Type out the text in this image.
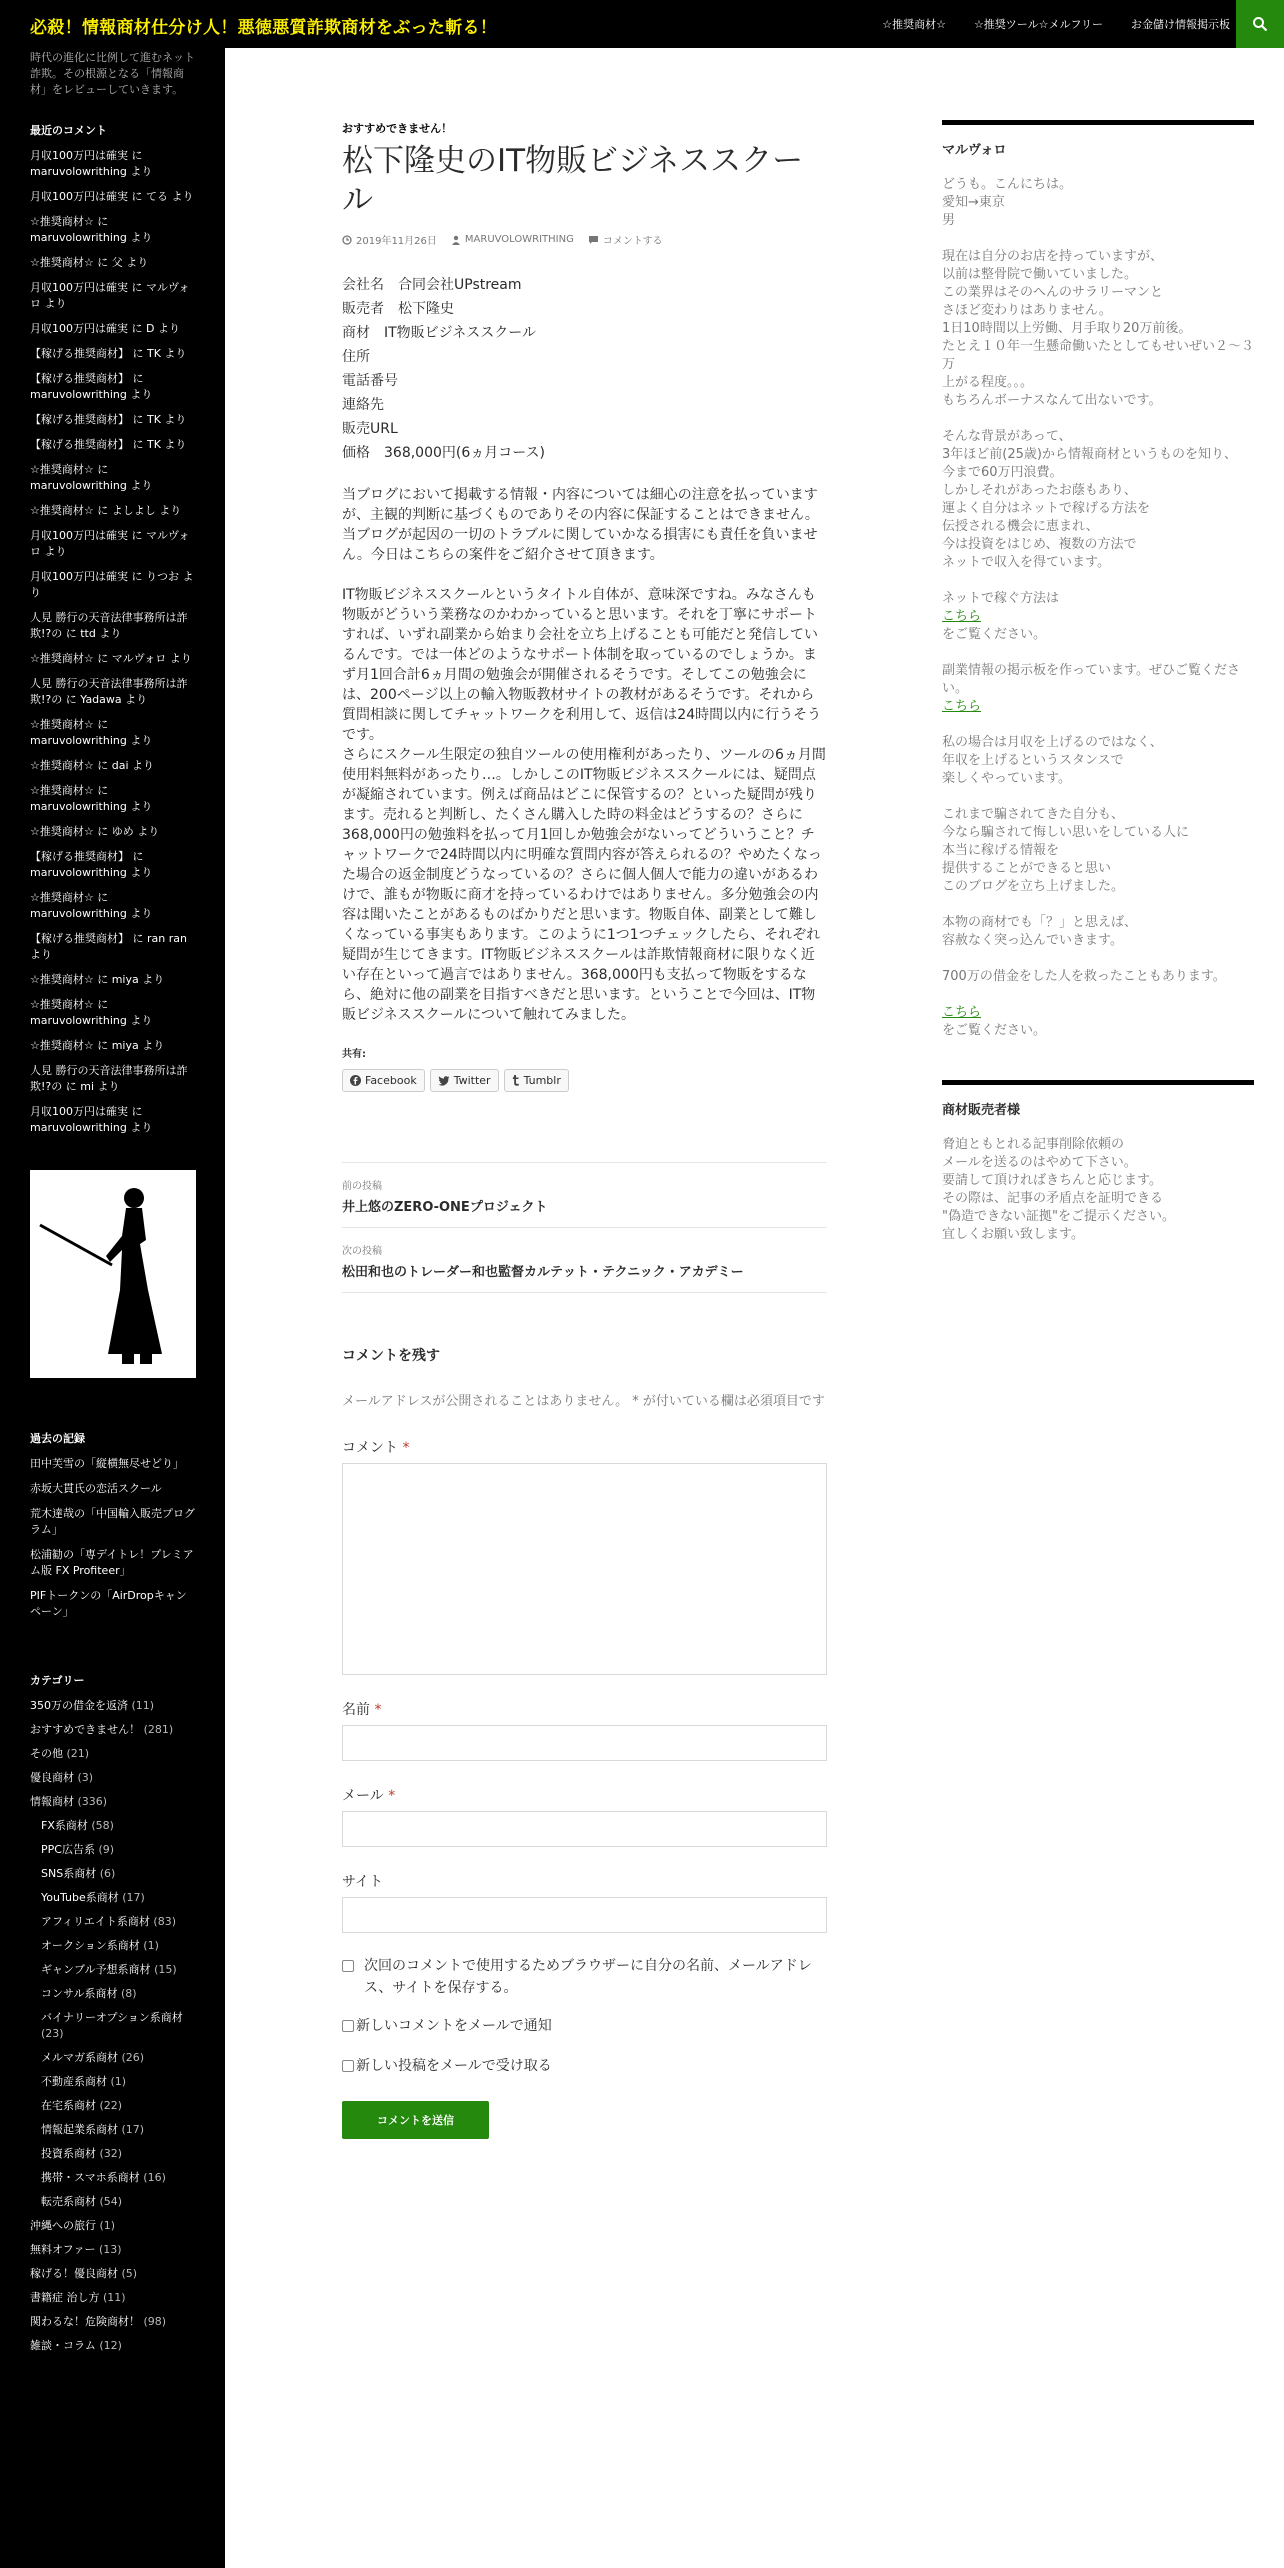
必殺！情報商材仕分け人！悪徳悪質詐欺商材をぶった斬る！	☆推奨商材☆	☆推奨ツール☆メルフリー	お金儲け情報掲示板

時代の進化に比例して進むネット詐欺。その根源となる「情報商材」をレビューしていきます。

最近のコメント
月収100万円は確実 に maruvolowrithing より
月収100万円は確実 に てる より
☆推奨商材☆ に maruvolowrithing より
☆推奨商材☆ に 父 より
月収100万円は確実 に マルヴォロ より
月収100万円は確実 に D より
【稼げる推奨商材】 に TK より
【稼げる推奨商材】 に maruvolowrithing より
【稼げる推奨商材】 に TK より
【稼げる推奨商材】 に TK より
☆推奨商材☆ に maruvolowrithing より
☆推奨商材☆ に よしよし より
月収100万円は確実 に マルヴォロ より
月収100万円は確実 に りつお より
人見 勝行の天音法律事務所は詐欺!?の に ttd より
☆推奨商材☆ に マルヴォロ より
人見 勝行の天音法律事務所は詐欺!?の に Yadawa より
☆推奨商材☆ に maruvolowrithing より
☆推奨商材☆ に dai より
☆推奨商材☆ に maruvolowrithing より
☆推奨商材☆ に ゆめ より
【稼げる推奨商材】 に maruvolowrithing より
☆推奨商材☆ に maruvolowrithing より
【稼げる推奨商材】 に ran ran より
☆推奨商材☆ に miya より
☆推奨商材☆ に maruvolowrithing より
☆推奨商材☆ に miya より
人見 勝行の天音法律事務所は詐欺!?の に mi より
月収100万円は確実 に maruvolowrithing より
過去の記録
田中芙雪の「縦横無尽せどり」
赤坂大貫氏の恋活スクール
荒木達哉の「中国輸入販売プログラム」
松浦勧の「専デイトレ！プレミアム版 FX Profiteer」
PIFトークンの「AirDropキャンペーン」
カテゴリー
350万の借金を返済 (11)
おすすめできません！ (281)
その他 (21)
優良商材 (3)
情報商材 (336)
FX系商材 (58)
PPC広告系 (9)
SNS系商材 (6)
YouTube系商材 (17)
アフィリエイト系商材 (83)
オークション系商材 (1)
ギャンブル予想系商材 (15)
コンサル系商材 (8)
バイナリーオプション系商材 (23)
メルマガ系商材 (26)
不動産系商材 (1)
在宅系商材 (22)
情報起業系商材 (17)
投資系商材 (32)
携帯・スマホ系商材 (16)
転売系商材 (54)
沖縄への旅行 (1)
無料オファー (13)
稼げる！優良商材 (5)
書籍症 治し方 (11)
関わるな！危険商材！ (98)
雑談・コラム (12)
おすすめできません！
松下隆史のIT物販ビジネススクール
2019年11月26日	MARUVOLOWRITHING	コメントする
会社名　合同会社UPstream
販売者　松下隆史
商材　IT物販ビジネススクール
住所
電話番号
連絡先
販売URL
価格　368,000円(6ヵ月コース)

当ブログにおいて掲載する情報・内容については細心の注意を払っていますが、主観的判断に基づくものでありその内容に保証することはできません。当ブログが起因の一切のトラブルに関していかなる損害にも責任を負いません。今日はこちらの案件をご紹介させて頂きます。

IT物販ビジネススクールというタイトル自体が、意味深ですね。みなさんも物販がどういう業務なのかわかっていると思います。それを丁寧にサポートすれば、いずれ副業から始まり会社を立ち上げることも可能だと発信しているんです。では一体どのようなサポート体制を取っているのでしょうか。まず月1回合計6ヵ月間の勉強会が開催されるそうです。そしてこの勉強会には、200ページ以上の輸入物販教材サイトの教材があるそうです。それから質問相談に関してチャットワークを利用して、返信は24時間以内に行うそうです。

さらにスクール生限定の独自ツールの使用権利があったり、ツールの6ヵ月間使用料無料があったり…。しかしこのIT物販ビジネススクールには、疑問点が凝縮されています。例えば商品はどこに保管するの？といった疑問が残ります。売れると判断し、たくさん購入した時の料金はどうするの？さらに368,000円の勉強料を払って月1回しか勉強会がないってどういうこと？チャットワークで24時間以内に明確な質問内容が答えられるの？やめたくなった場合の返金制度どうなっているの？さらに個人個人で能力の違いがあるわけで、誰もが物販に商才を持っているわけではありません。多分勉強会の内容は聞いたことがあるものばかりだと思います。物販自体、副業として難しくなっている事実もあります。このように1つ1つチェックしたら、それぞれ疑問が生じてきます。IT物販ビジネススクールは詐欺情報商材に限りなく近い存在といって過言ではありません。368,000円も支払って物販をするなら、絶対に他の副業を目指すべきだと思います。ということで今回は、IT物販ビジネススクールについて触れてみました。

共有:
Facebook	Twitter	Tumblr
前の投稿
井上悠のZERO-ONEプロジェクト
次の投稿
松田和也のトレーダー和也監督カルテット・テクニック・アカデミー
コメントを残す

メールアドレスが公開されることはありません。 * が付いている欄は必須項目です

コメント *
名前 *
メール *
サイト
次回のコメントで使用するためブラウザーに自分の名前、メールアドレス、サイトを保存する。
新しいコメントをメールで通知
新しい投稿をメールで受け取る
コメントを送信
マルヴォロ

どうも。こんにちは。
愛知→東京
男

現在は自分のお店を持っていますが、
以前は整骨院で働いていました。
この業界はそのへんのサラリーマンと
さほど変わりはありません。
1日10時間以上労働、月手取り20万前後。
たとえ１０年一生懸命働いたとしてもせいぜい２〜３万
上がる程度。。。
もちろんボーナスなんて出ないです。

そんな背景があって、
3年ほど前(25歳)から情報商材というものを知り、
今まで60万円浪費。
しかしそれがあったお蔭もあり、
運よく自分はネットで稼げる方法を
伝授される機会に恵まれ、
今は投資をはじめ、複数の方法で
ネットで収入を得ています。

ネットで稼ぐ方法は
こちら
をご覧ください。

副業情報の掲示板を作っています。ぜひご覧ください。
こちら

私の場合は月収を上げるのではなく、
年収を上げるというスタンスで
楽しくやっています。

これまで騙されてきた自分も、
今なら騙されて悔しい思いをしている人に
本当に稼げる情報を
提供することができると思い
このブログを立ち上げました。

本物の商材でも「？」と思えば、
容赦なく突っ込んでいきます。

700万の借金をした人を救ったこともあります。

こちら
をご覧ください。

商材販売者様

脅迫ともとれる記事削除依頼の
メールを送るのはやめて下さい。
要請して頂ければきちんと応じます。
その際は、記事の矛盾点を証明できる
"偽造できない証拠"をご提示ください。
宜しくお願い致します。
